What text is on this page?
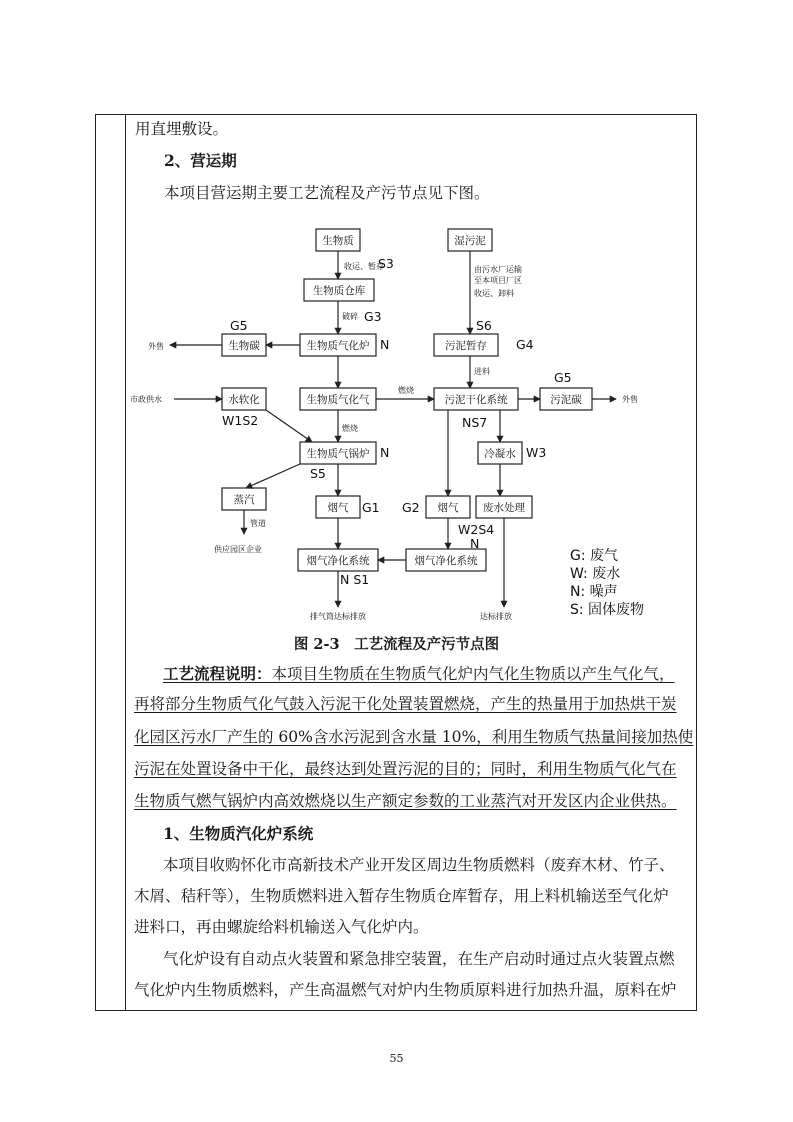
用直埋敷设。

2、营运期

本项目营运期主要工艺流程及产污节点见下图。

生物质	湿污泥
生物质仓库
生物质气化炉
生物碳	污泥暂存
水软化	生物质气化气	污泥干化系统	污泥碳
生物质气锅炉	冷凝水
蒸汽
烟气	烟气 废水处理
烟气净化系统	烟气净化系统
收运、暂存	由污水厂运输
至本项目厂区
收运、卸料
破碎
外售
进料
市政供水
燃烧
外售
燃烧
管道
供应园区企业
排气筒达标排放	达标排放
S3
G3
G5	S6
N	G4
G5
W1S2	NS7
N	W3
S5
G1 G2
W2S4
N
N S1
G: 废气
W: 废水
N: 噪声
S: 固体废物
图 2-3　工艺流程及产污节点图

工艺流程说明：本项目生物质在生物质气化炉内气化生物质以产生气化气，

再将部分生物质气化气鼓入污泥干化处置装置燃烧，产生的热量用于加热烘干炭

化园区污水厂产生的 60%含水污泥到含水量 10%，利用生物质气热量间接加热使

污泥在处置设备中干化，最终达到处置污泥的目的；同时，利用生物质气化气在

生物质气燃气锅炉内高效燃烧以生产额定参数的工业蒸汽对开发区内企业供热。

1、生物质汽化炉系统

本项目收购怀化市高新技术产业开发区周边生物质燃料（废弃木材、竹子、

木屑、秸秆等），生物质燃料进入暂存生物质仓库暂存，用上料机输送至气化炉

进料口，再由螺旋给料机输送入气化炉内。

气化炉设有自动点火装置和紧急排空装置，在生产启动时通过点火装置点燃

气化炉内生物质燃料，产生高温燃气对炉内生物质原料进行加热升温，原料在炉

55
